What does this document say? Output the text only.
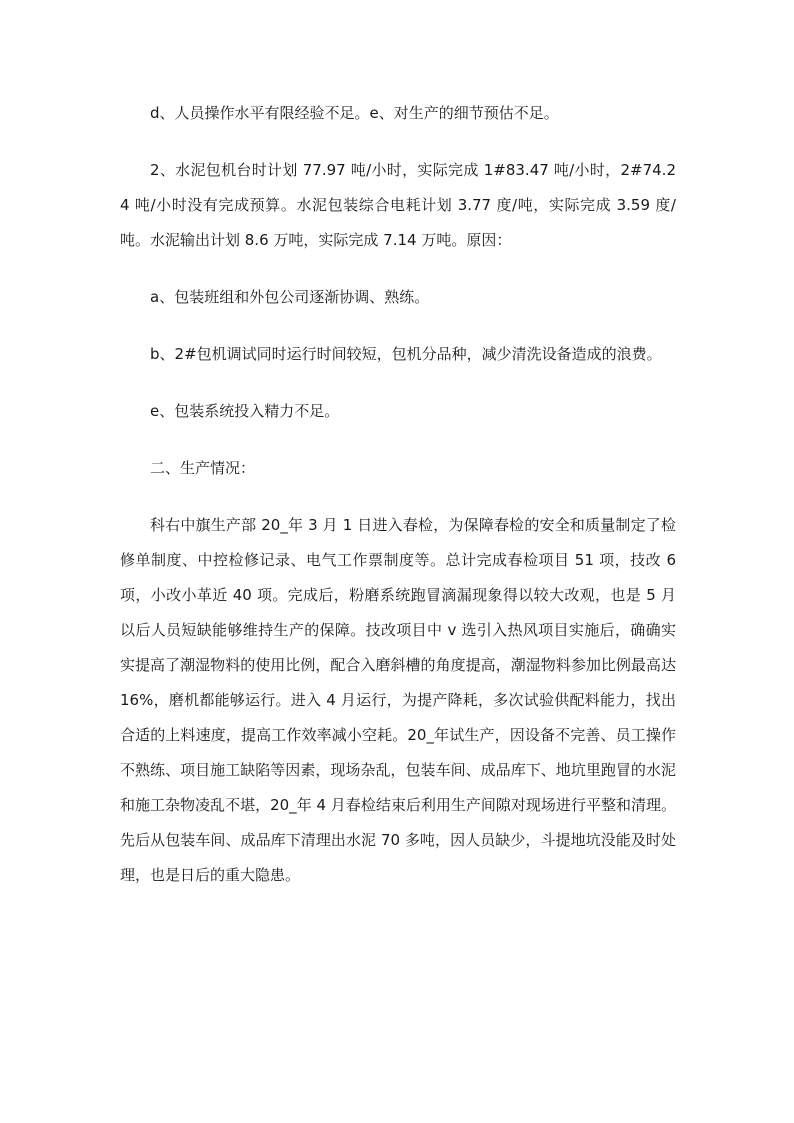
d、人员操作水平有限经验不足。e、对生产的细节预估不足。

2、水泥包机台时计划 77.97 吨/小时，实际完成 1#83.47 吨/小时，2#74.24 吨/小时没有完成预算。水泥包装综合电耗计划 3.77 度/吨，实际完成 3.59 度/吨。水泥输出计划 8.6 万吨，实际完成 7.14 万吨。原因：

a、包装班组和外包公司逐渐协调、熟练。

b、2#包机调试同时运行时间较短，包机分品种，减少清洗设备造成的浪费。

e、包装系统投入精力不足。

二、生产情况：

科右中旗生产部 20_年 3 月 1 日进入春检，为保障春检的安全和质量制定了检修单制度、中控检修记录、电气工作票制度等。总计完成春检项目 51 项，技改 6 项，小改小革近 40 项。完成后，粉磨系统跑冒滴漏现象得以较大改观，也是 5 月以后人员短缺能够维持生产的保障。技改项目中 v 选引入热风项目实施后，确确实实提高了潮湿物料的使用比例，配合入磨斜槽的角度提高，潮湿物料参加比例最高达 16%，磨机都能够运行。进入 4 月运行，为提产降耗，多次试验供配料能力，找出合适的上料速度，提高工作效率减小空耗。20_年试生产，因设备不完善、员工操作不熟练、项目施工缺陷等因素，现场杂乱，包装车间、成品库下、地坑里跑冒的水泥和施工杂物凌乱不堪，20_年 4 月春检结束后利用生产间隙对现场进行平整和清理。先后从包装车间、成品库下清理出水泥 70 多吨，因人员缺少，斗提地坑没能及时处理，也是日后的重大隐患。
